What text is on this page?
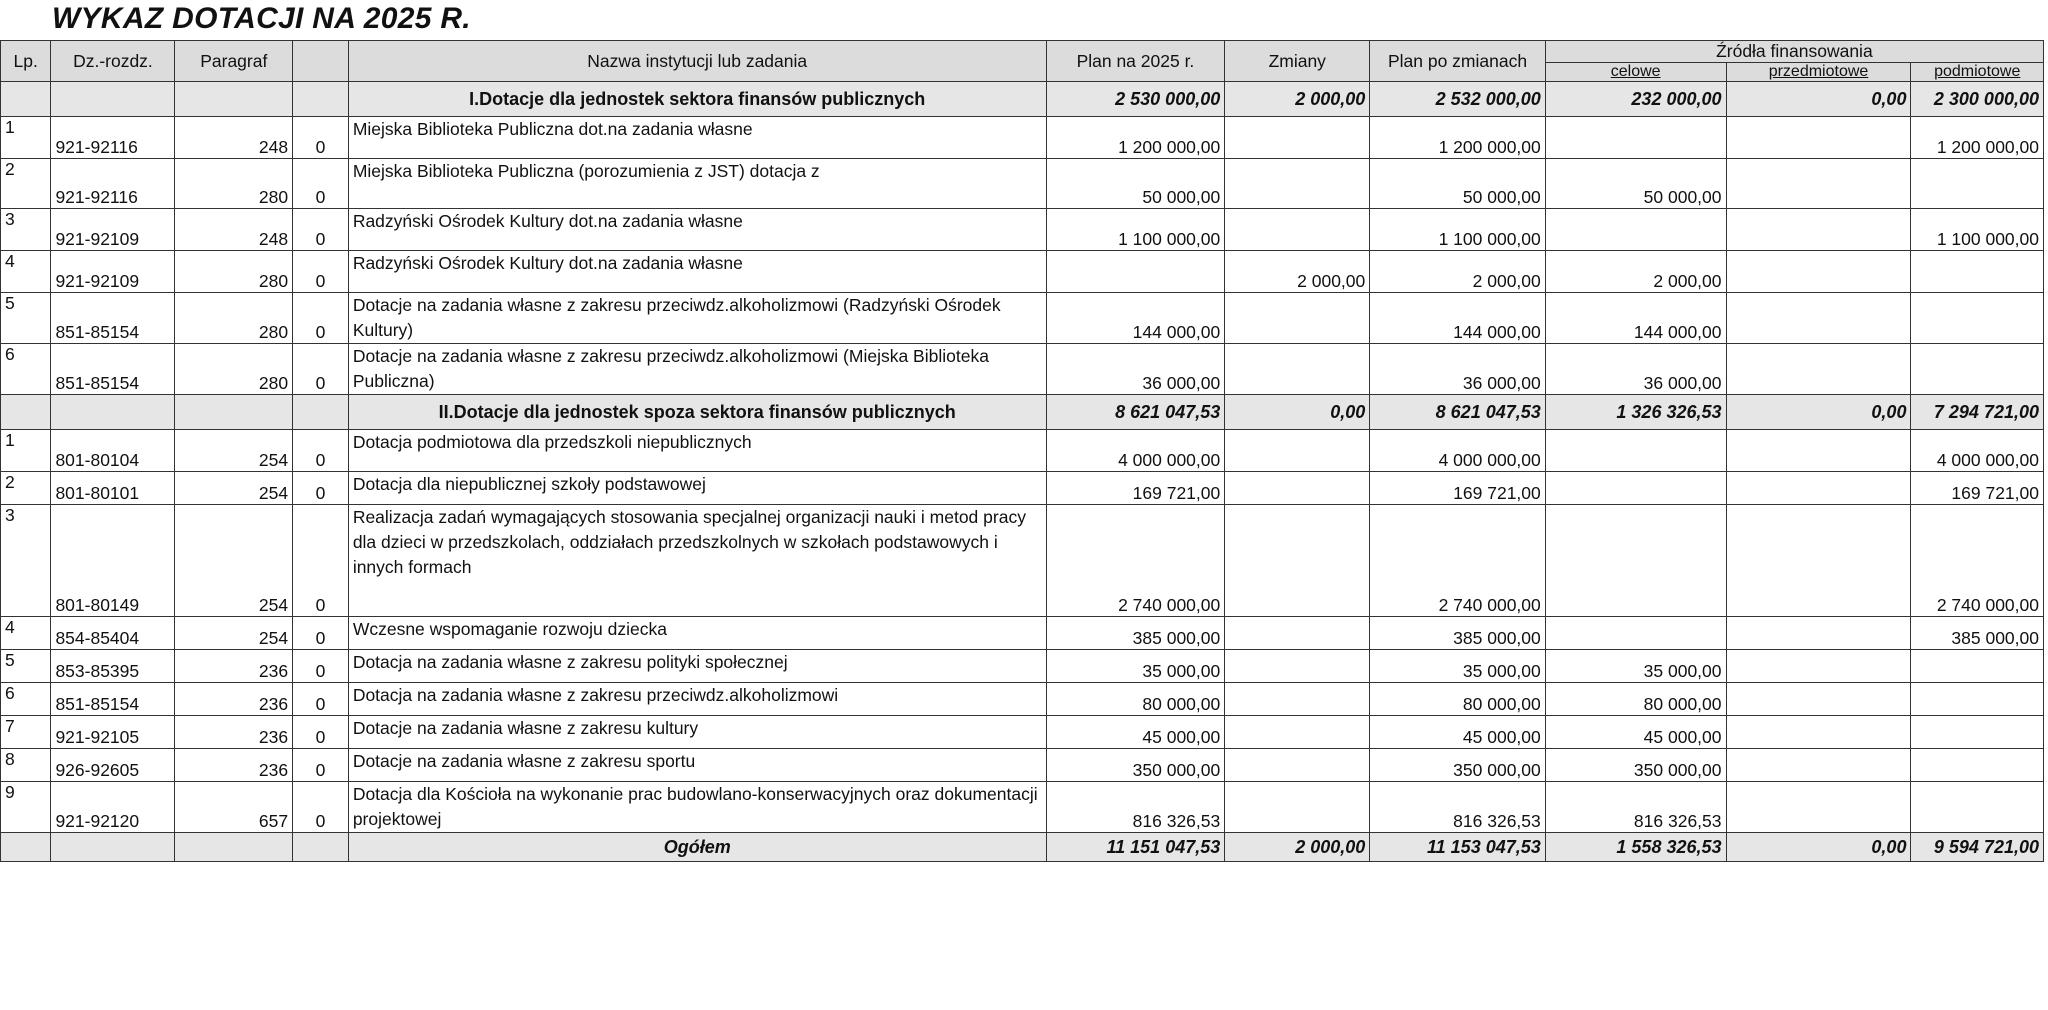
WYKAZ DOTACJI NA 2025 R.
Lp.	Dz.-rozdz.	Paragraf		Nazwa instytucji lub zadania	Plan na 2025 r.	Zmiany	Plan po zmianach	Źródła finansowania		
								celowe	przedmiotowe	podmiotowe
				I.Dotacje dla jednostek sektora finansów publicznych	2 530 000,00	2 000,00	2 532 000,00	232 000,00	0,00	2 300 000,00
1	921-92116	248	0	Miejska Biblioteka Publiczna dot.na zadania własne	1 200 000,00		1 200 000,00			1 200 000,00
2	921-92116	280	0	Miejska Biblioteka Publiczna (porozumienia z JST) dotacja z	50 000,00		50 000,00	50 000,00		
3	921-92109	248	0	Radzyński Ośrodek Kultury dot.na zadania własne	1 100 000,00		1 100 000,00			1 100 000,00
4	921-92109	280	0	Radzyński Ośrodek Kultury dot.na zadania własne		2 000,00	2 000,00	2 000,00		
5	851-85154	280	0	Dotacje na zadania własne z zakresu przeciwdz.alkoholizmowi (Radzyński Ośrodek Kultury)	144 000,00		144 000,00	144 000,00		
6	851-85154	280	0	Dotacje na zadania własne z zakresu przeciwdz.alkoholizmowi (Miejska Biblioteka Publiczna)	36 000,00		36 000,00	36 000,00		
				II.Dotacje dla jednostek spoza sektora finansów publicznych	8 621 047,53	0,00	8 621 047,53	1 326 326,53	0,00	7 294 721,00
1	801-80104	254	0	Dotacja podmiotowa dla przedszkoli niepublicznych	4 000 000,00		4 000 000,00			4 000 000,00
2	801-80101	254	0	Dotacja dla niepublicznej szkoły podstawowej	169 721,00		169 721,00			169 721,00
3	801-80149	254	0	Realizacja zadań wymagających stosowania specjalnej organizacji nauki i metod pracy dla dzieci w przedszkolach, oddziałach przedszkolnych w szkołach podstawowych i innych formach	2 740 000,00		2 740 000,00			2 740 000,00
4	854-85404	254	0	Wczesne wspomaganie rozwoju dziecka	385 000,00		385 000,00			385 000,00
5	853-85395	236	0	Dotacja na zadania własne z zakresu polityki społecznej	35 000,00		35 000,00	35 000,00		
6	851-85154	236	0	Dotacja na zadania własne z zakresu przeciwdz.alkoholizmowi	80 000,00		80 000,00	80 000,00		
7	921-92105	236	0	Dotacje na zadania własne z zakresu kultury	45 000,00		45 000,00	45 000,00		
8	926-92605	236	0	Dotacje na zadania własne z zakresu sportu	350 000,00		350 000,00	350 000,00		
9	921-92120	657	0	Dotacja dla Kościoła na wykonanie prac budowlano-konserwacyjnych oraz dokumentacji projektowej	816 326,53		816 326,53	816 326,53		
				Ogółem	11 151 047,53	2 000,00	11 153 047,53	1 558 326,53	0,00	9 594 721,00
